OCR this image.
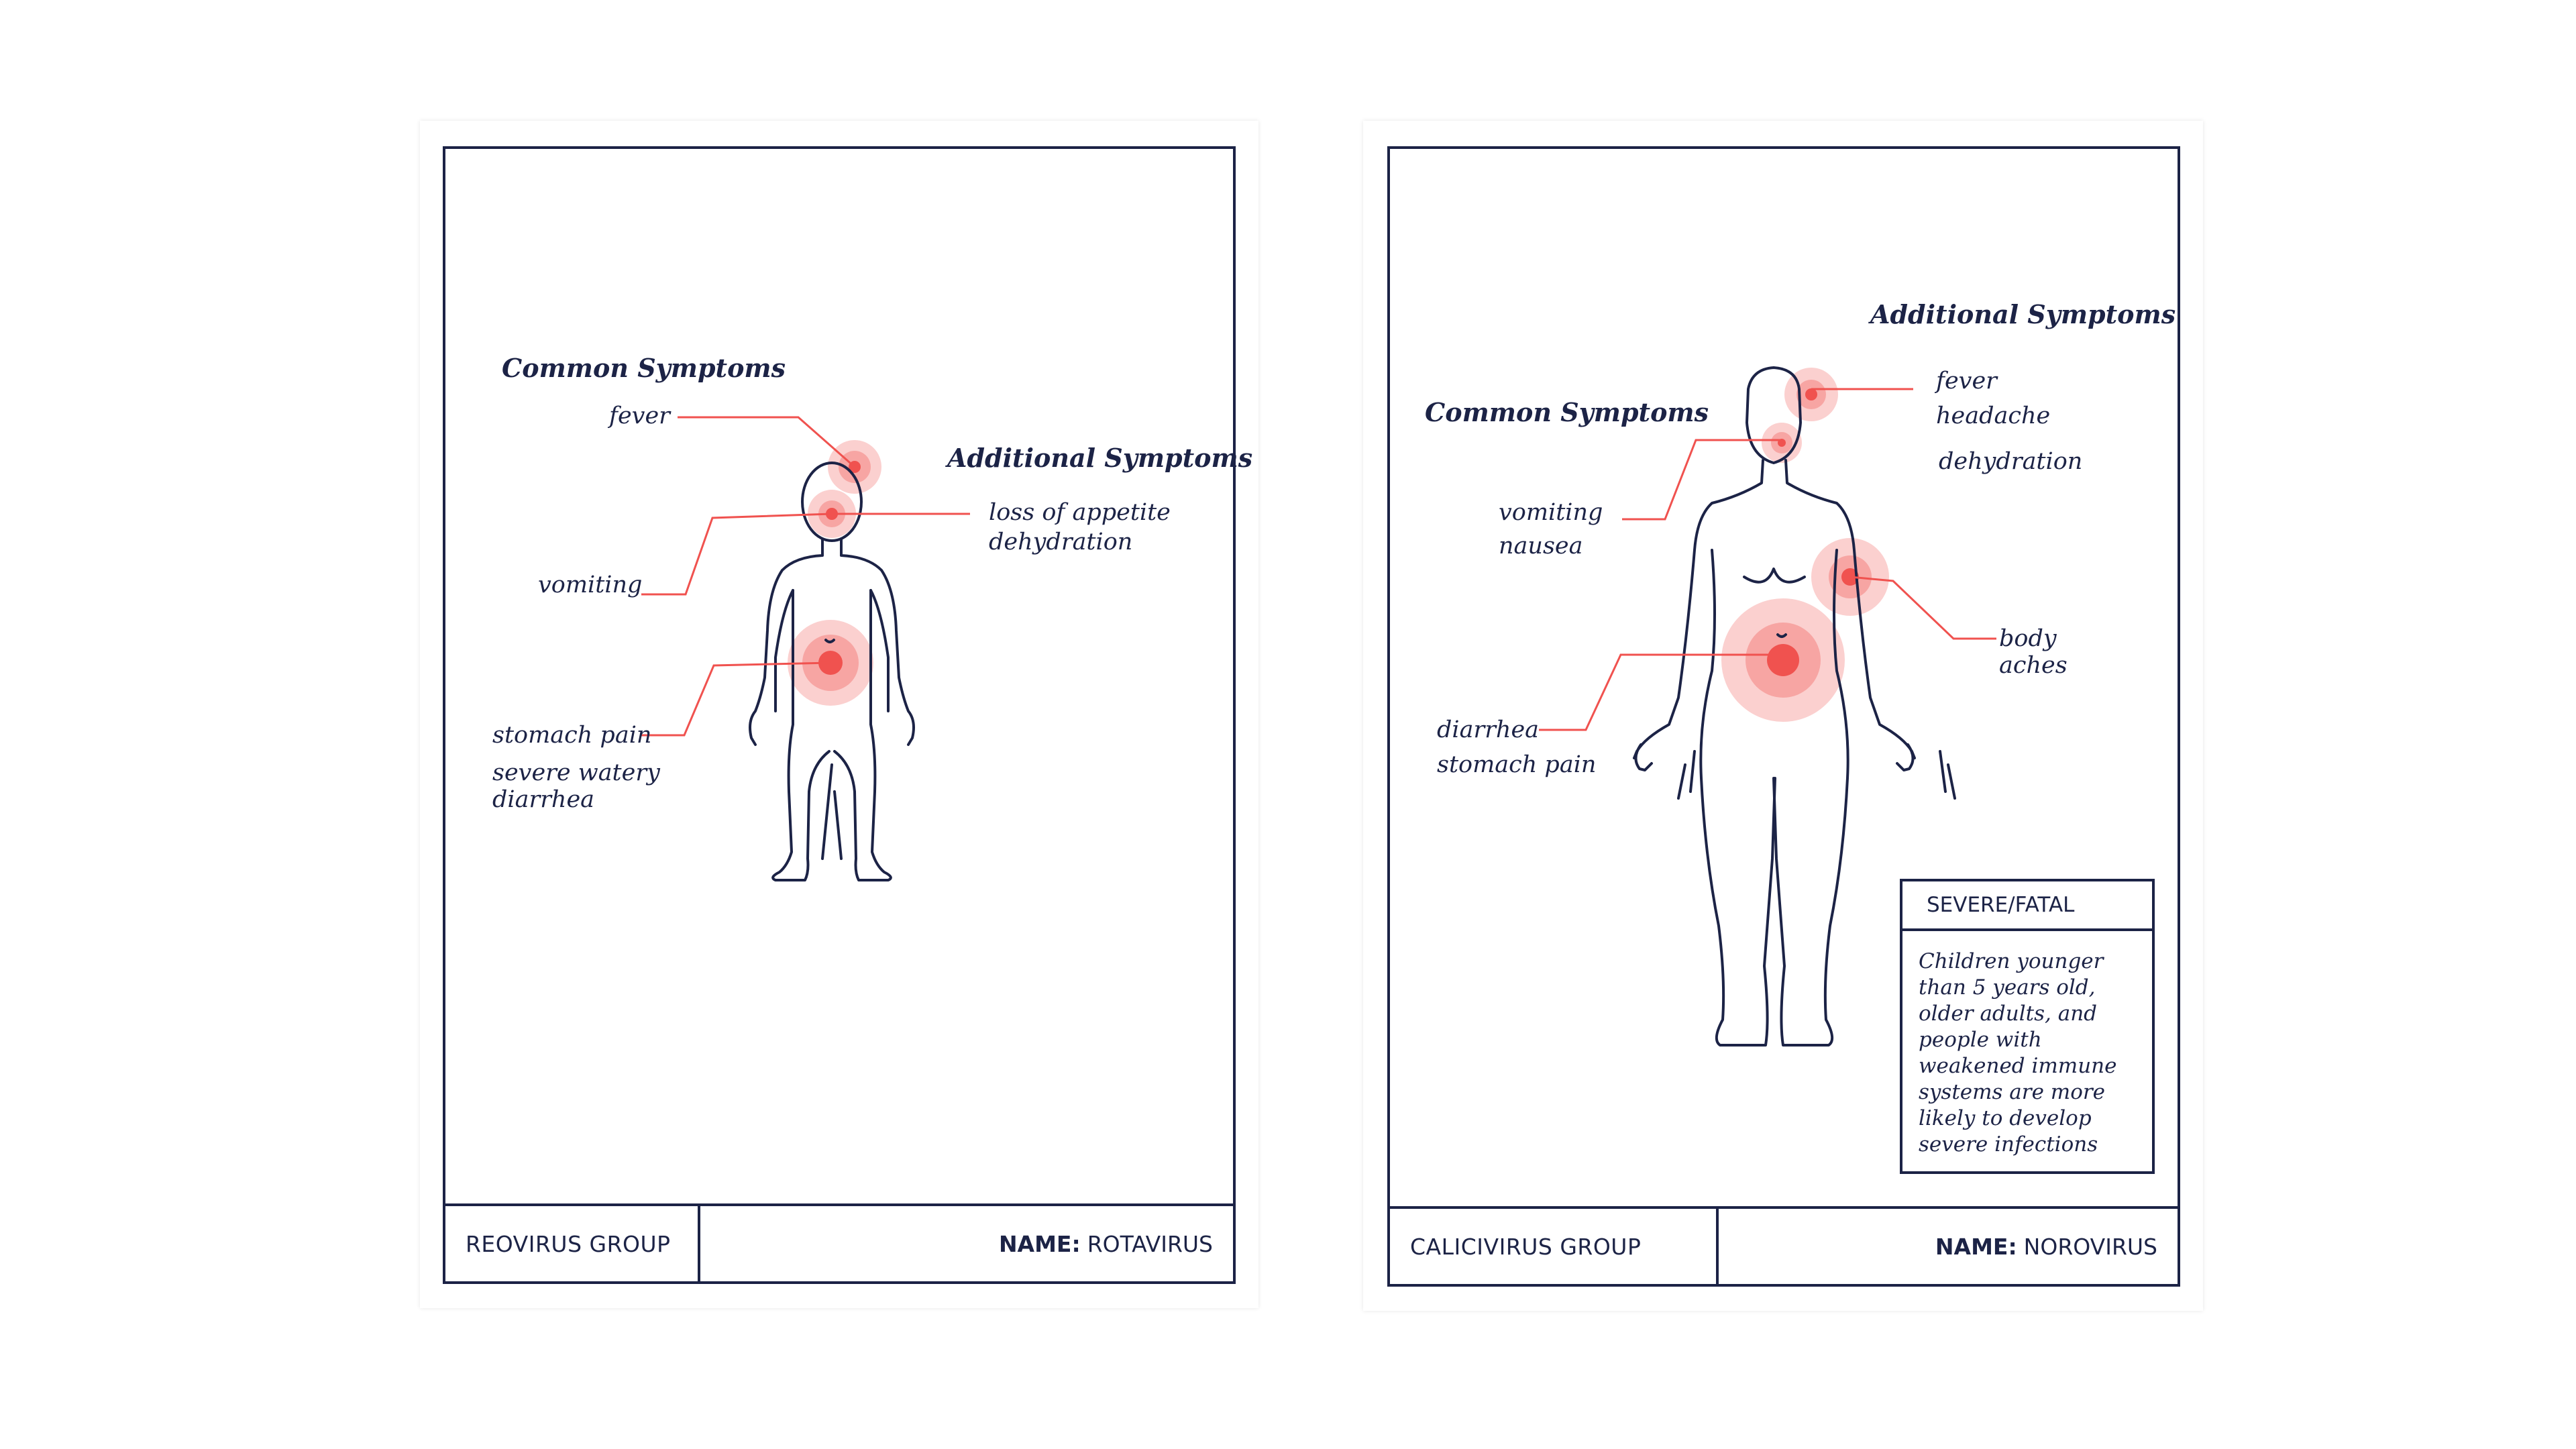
REOVIRUS GROUP	NAME: ROTAVIRUS
Common Symptoms
Additional Symptoms
fever
loss of appetite
dehydration
vomiting
stomach pain
severe watery diarrhea
CALICIVIRUS GROUP	NAME: NOROVIRUS
Additional Symptoms
Common Symptoms
fever
headache
dehydration
vomiting
nausea
body aches
diarrhea
stomach pain
SEVERE/FATAL
Children younger than 5 years old, older adults, and people with weakened immune systems are more likely to develop severe infections
